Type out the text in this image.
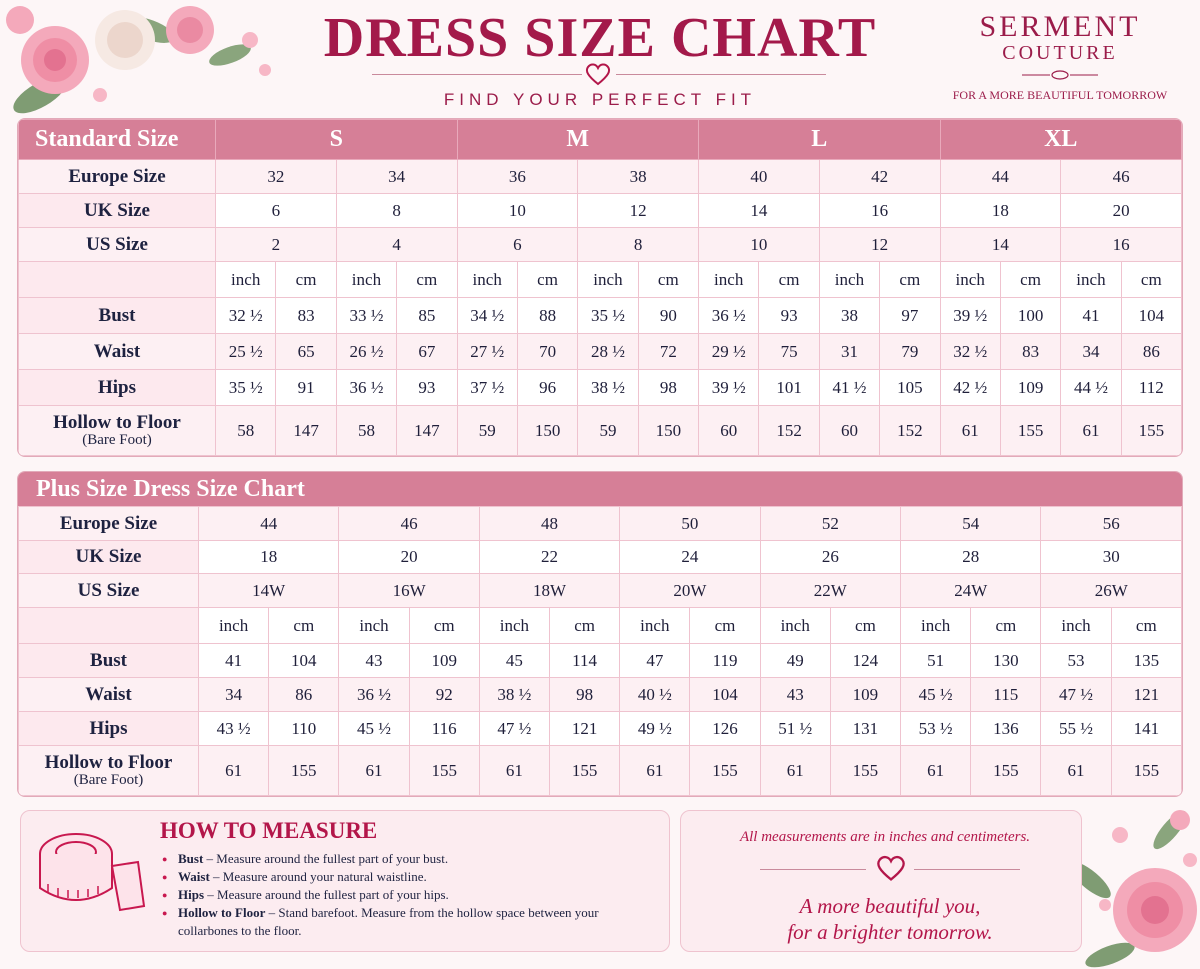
DRESS SIZE CHART
FIND YOUR PERFECT FIT
SERMENT
COUTURE
FOR A MORE BEAUTIFUL TOMORROW
Standard Size	S				M				L				XL			
Europe Size	32		34		36		38		40		42		44		46	
UK Size	6		8		10		12		14		16		18		20	
US Size	2		4		6		8		10		12		14		16	
	inch	cm	inch	cm	inch	cm	inch	cm	inch	cm	inch	cm	inch	cm	inch	cm
Bust	32 ½	83	33 ½	85	34 ½	88	35 ½	90	36 ½	93	38	97	39 ½	100	41	104
Waist	25 ½	65	26 ½	67	27 ½	70	28 ½	72	29 ½	75	31	79	32 ½	83	34	86
Hips	35 ½	91	36 ½	93	37 ½	96	38 ½	98	39 ½	101	41 ½	105	42 ½	109	44 ½	112
Hollow to Floor
(Bare Foot)	58	147	58	147	59	150	59	150	60	152	60	152	61	155	61	155
Plus Size Dress Size Chart
Europe Size	44		46		48		50		52		54		56	
UK Size	18		20		22		24		26		28		30	
US Size	14W		16W		18W		20W		22W		24W		26W	
	inch	cm	inch	cm	inch	cm	inch	cm	inch	cm	inch	cm	inch	cm
Bust	41	104	43	109	45	114	47	119	49	124	51	130	53	135
Waist	34	86	36 ½	92	38 ½	98	40 ½	104	43	109	45 ½	115	47 ½	121
Hips	43 ½	110	45 ½	116	47 ½	121	49 ½	126	51 ½	131	53 ½	136	55 ½	141
Hollow to Floor
(Bare Foot)	61	155	61	155	61	155	61	155	61	155	61	155	61	155
HOW TO MEASURE
● Bust – Measure around the fullest part of your bust.
● Waist – Measure around your natural waistline.
● Hips – Measure around the fullest part of your hips.
● Hollow to Floor – Stand barefoot. Measure from the hollow space between your collarbones to the floor.
All measurements are in inches and centimeters.
A more beautiful you,
for a brighter tomorrow.
